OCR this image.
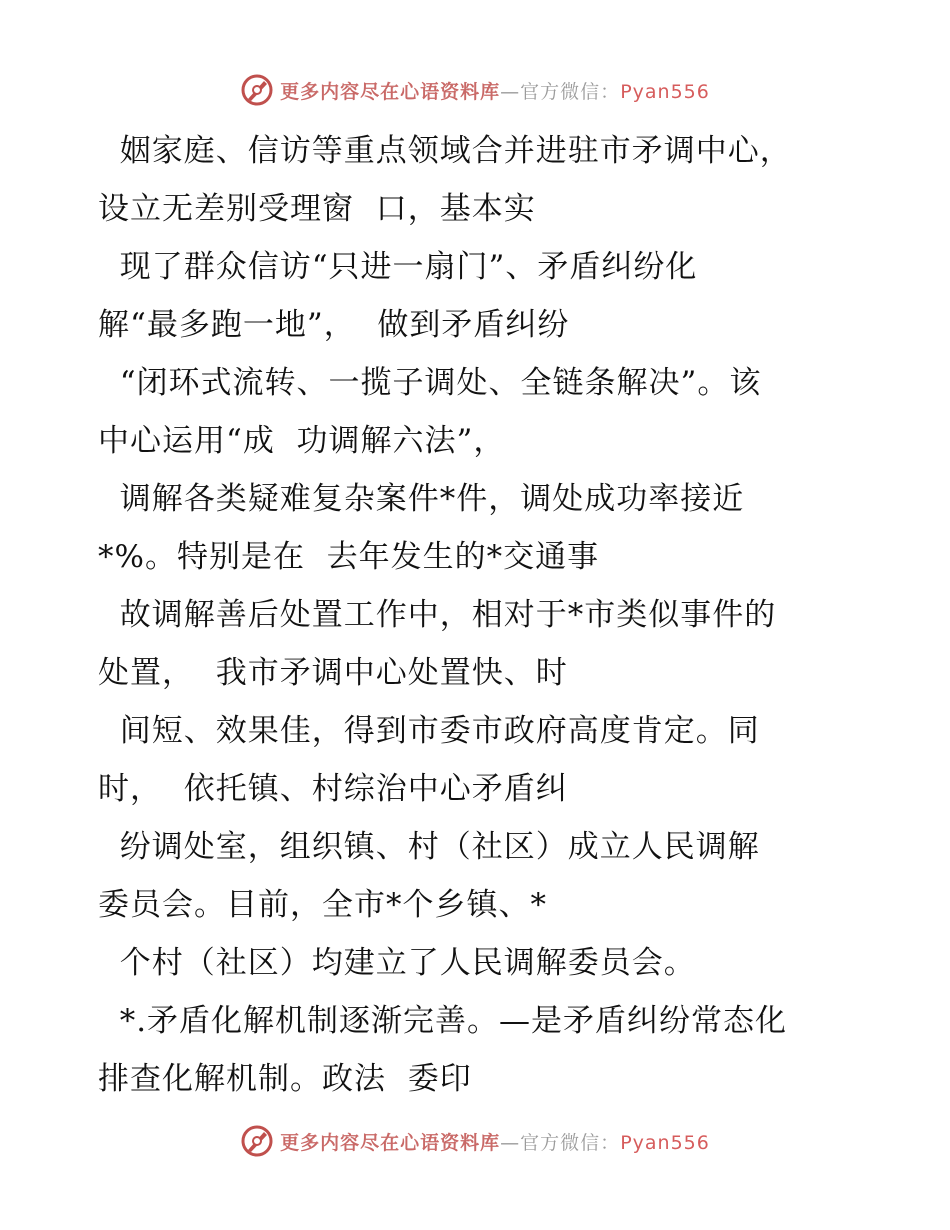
更多内容尽在心语资料库—官方微信：Pyan556
姻家庭、信访等重点领域合并进驻市矛调中心，
设立无差别受理窗  口，基本实
现了群众信访“只进一扇门”、矛盾纠纷化
解“最多跑一地”，  做到矛盾纠纷
“闭环式流转、一揽子调处、全链条解决”。该
中心运用“成  功调解六法”，
调解各类疑难复杂案件*件，调处成功率接近
*%。特别是在  去年发生的*交通事
故调解善后处置工作中，相对于*市类似事件的
处置，  我市矛调中心处置快、时
间短、效果佳，得到市委市政府高度肯定。同
时，  依托镇、村综治中心矛盾纠
纷调处室，组织镇、村（社区）成立人民调解
委员会。目前，全市*个乡镇、*
个村（社区）均建立了人民调解委员会。
*.矛盾化解机制逐渐完善。—是矛盾纠纷常态化
排查化解机制。政法  委印
更多内容尽在心语资料库—官方微信：Pyan556
